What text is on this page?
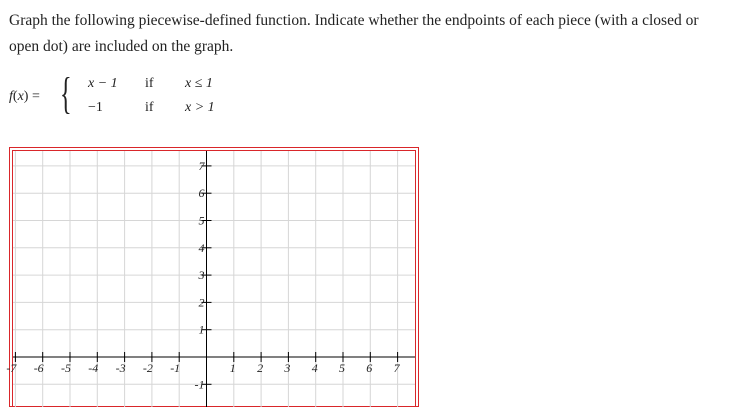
Graph the following piecewise-defined function. Indicate whether the endpoints of each piece (with a closed or open dot) are included on the graph.
f(x) = { x − 1 if x ≤ 1
−1	if x > 1
-7 -6 -5 -4 -3 -2 -1	1 2 3 4 5 6 7
7
6
5
4
3
2
1
-1
